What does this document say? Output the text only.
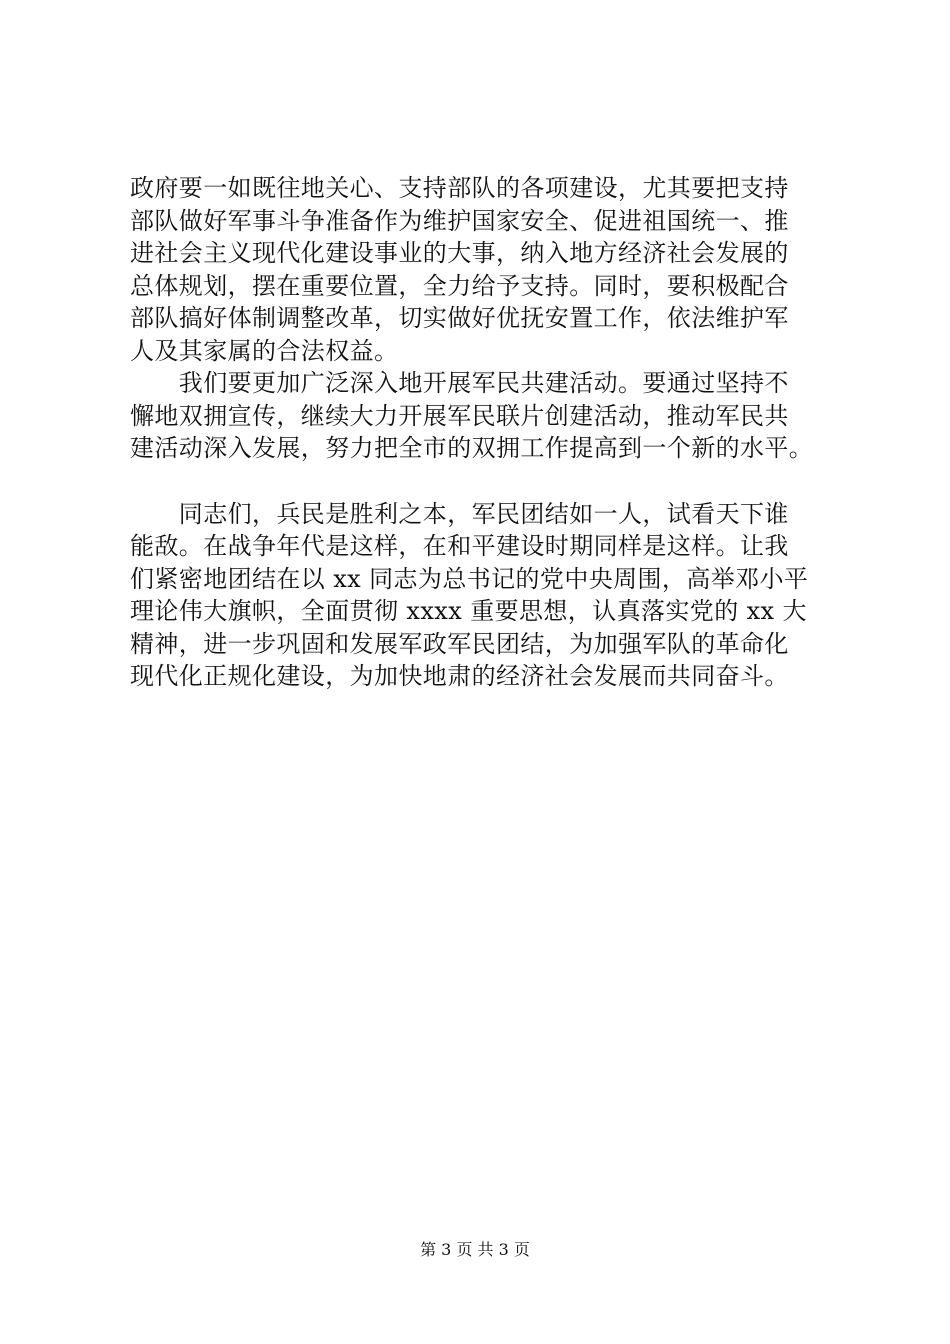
政府要一如既往地关心、支持部队的各项建设，尤其要把支持
部队做好军事斗争准备作为维护国家安全、促进祖国统一、推
进社会主义现代化建设事业的大事，纳入地方经济社会发展的
总体规划，摆在重要位置，全力给予支持。同时，要积极配合
部队搞好体制调整改革，切实做好优抚安置工作，依法维护军
人及其家属的合法权益。
　　我们要更加广泛深入地开展军民共建活动。要通过坚持不
懈地双拥宣传，继续大力开展军民联片创建活动，推动军民共
建活动深入发展，努力把全市的双拥工作提高到一个新的水平。
　　同志们，兵民是胜利之本，军民团结如一人，试看天下谁
能敌。在战争年代是这样，在和平建设时期同样是这样。让我
们紧密地团结在以 xx 同志为总书记的党中央周围，高举邓小平
理论伟大旗帜，全面贯彻 xxxx 重要思想，认真落实党的 xx 大
精神，进一步巩固和发展军政军民团结，为加强军队的革命化
现代化正规化建设，为加快地肃的经济社会发展而共同奋斗。
第 3 页 共 3 页
